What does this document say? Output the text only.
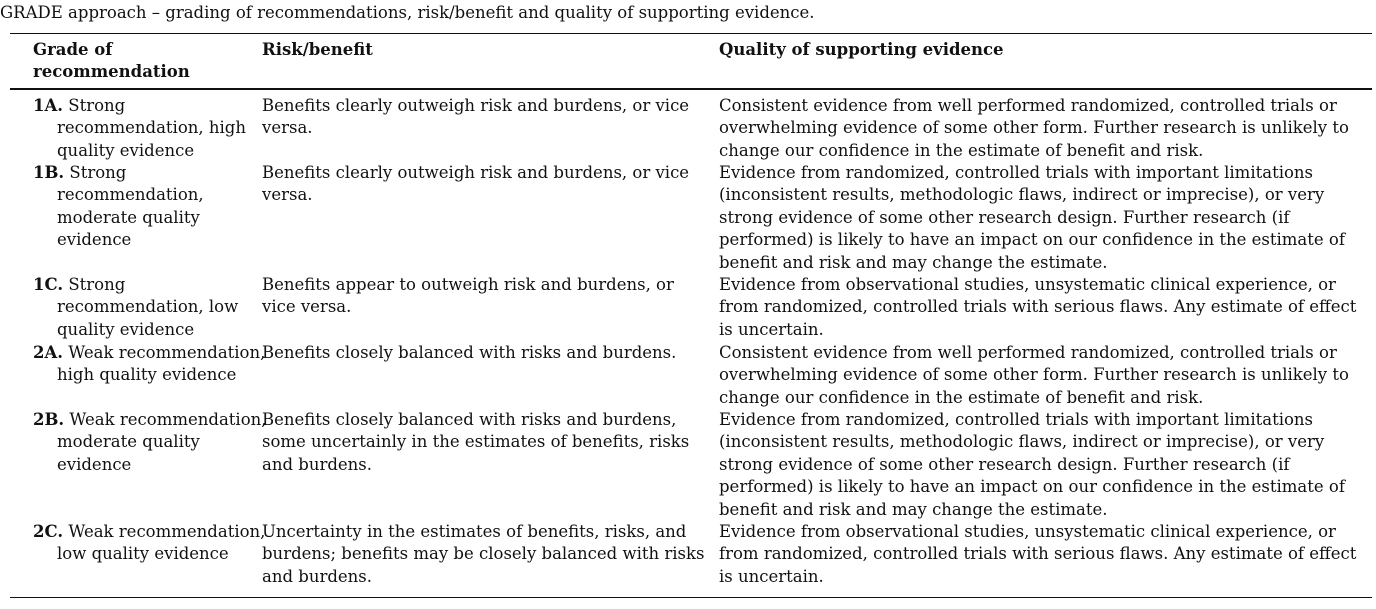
GRADE approach – grading of recommendations, risk/benefit and quality of supporting evidence.
Grade of recommendation
Risk/benefit	Quality of supporting evidence
1A. Strong recommendation, high quality evidence
Benefits clearly outweigh risk and burdens, or vice versa.
Consistent evidence from well performed randomized, controlled trials or overwhelming evidence of some other form. Further research is unlikely to change our confidence in the estimate of benefit and risk.
1B. Strong recommendation, moderate quality evidence
Benefits clearly outweigh risk and burdens, or vice versa.
Evidence from randomized, controlled trials with important limitations (inconsistent results, methodologic flaws, indirect or imprecise), or very strong evidence of some other research design. Further research (if performed) is likely to have an impact on our confidence in the estimate of benefit and risk and may change the estimate.
1C. Strong recommendation, low quality evidence
Benefits appear to outweigh risk and burdens, or vice versa.
Evidence from observational studies, unsystematic clinical experience, or from randomized, controlled trials with serious flaws. Any estimate of effect is uncertain.
2A. Weak recommendation, high quality evidence
Benefits closely balanced with risks and burdens.	Consistent evidence from well performed randomized, controlled trials or overwhelming evidence of some other form. Further research is unlikely to change our confidence in the estimate of benefit and risk.
2B. Weak recommendation, moderate quality evidence
Benefits closely balanced with risks and burdens, some uncertainly in the estimates of benefits, risks and burdens.
Evidence from randomized, controlled trials with important limitations (inconsistent results, methodologic flaws, indirect or imprecise), or very strong evidence of some other research design. Further research (if performed) is likely to have an impact on our confidence in the estimate of benefit and risk and may change the estimate.
2C. Weak recommendation, low quality evidence
Uncertainty in the estimates of benefits, risks, and burdens; benefits may be closely balanced with risks and burdens.
Evidence from observational studies, unsystematic clinical experience, or from randomized, controlled trials with serious flaws. Any estimate of effect is uncertain.
